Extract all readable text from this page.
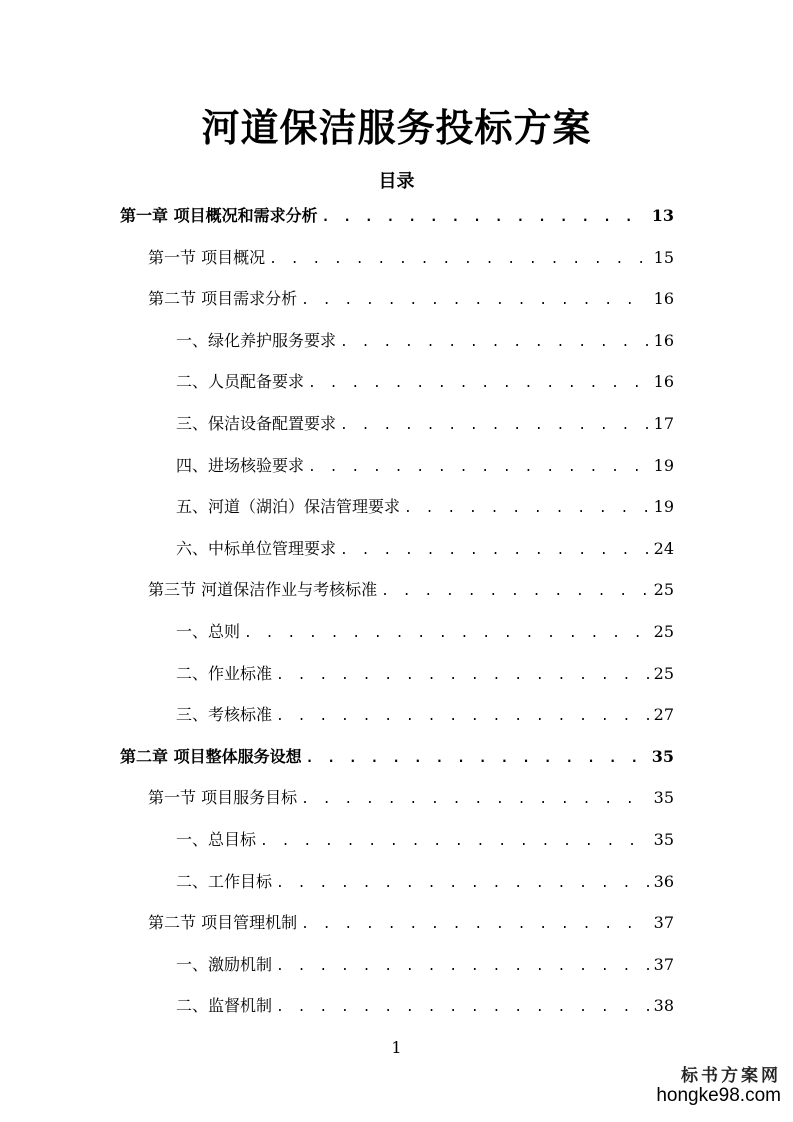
河道保洁服务投标方案
目录
第一章 项目概况和需求分析 . . .	13
第一节 项目概况 . . .	15
第二节 项目需求分析 . . .	16
一、绿化养护服务要求 . . .	16
二、人员配备要求 . . .	16
三、保洁设备配置要求 . . .	17
四、进场核验要求 . . .	19
五、河道（湖泊）保洁管理要求 . . .	19
六、中标单位管理要求 . . .	24
第三节 河道保洁作业与考核标准 . . .	25
一、总则 . . .	25
二、作业标准 . . .	25
三、考核标准 . . .	27
第二章 项目整体服务设想 . . .	35
第一节 项目服务目标 . . .	35
一、总目标 . . .	35
二、工作目标 . . .	36
第二节 项目管理机制 . . .	37
一、激励机制 . . .	37
二、监督机制 . . .	38
1
标书方案网
hongke98.com
